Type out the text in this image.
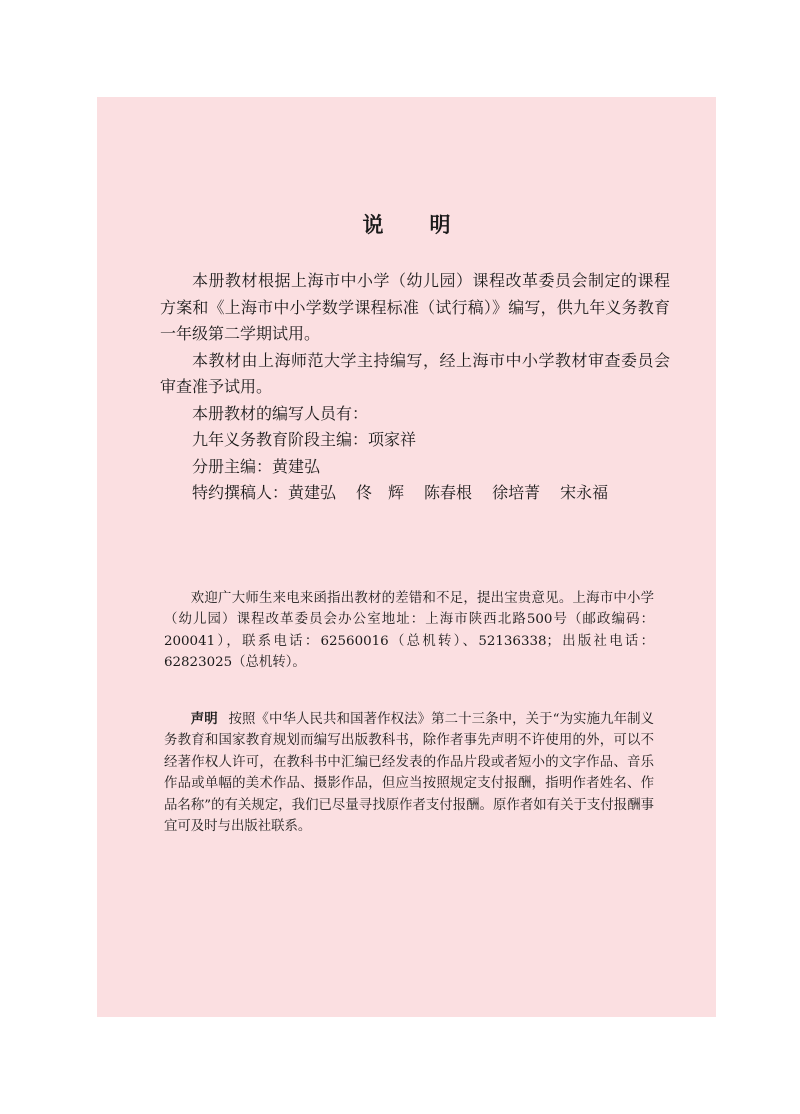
说明

本册教材根据上海市中小学（幼儿园）课程改革委员会制定的课程方案和《上海市中小学数学课程标准（试行稿）》编写，供九年义务教育一年级第二学期试用。

本教材由上海师范大学主持编写，经上海市中小学教材审查委员会审查准予试用。

本册教材的编写人员有：
九年义务教育阶段主编：项家祥
分册主编：黄建弘
特约撰稿人：黄建弘 佟　辉 陈春根 徐培菁 宋永福

欢迎广大师生来电来函指出教材的差错和不足，提出宝贵意见。上海市中小学（幼儿园）课程改革委员会办公室地址：上海市陕西北路500号（邮政编码：200041），联系电话：62560016（总机转）、52136338；出版社电话：62823025（总机转）。

声明 按照《中华人民共和国著作权法》第二十三条中，关于“为实施九年制义务教育和国家教育规划而编写出版教科书，除作者事先声明不许使用的外，可以不经著作权人许可，在教科书中汇编已经发表的作品片段或者短小的文字作品、音乐作品或单幅的美术作品、摄影作品，但应当按照规定支付报酬，指明作者姓名、作品名称”的有关规定，我们已尽量寻找原作者支付报酬。原作者如有关于支付报酬事宜可及时与出版社联系。
